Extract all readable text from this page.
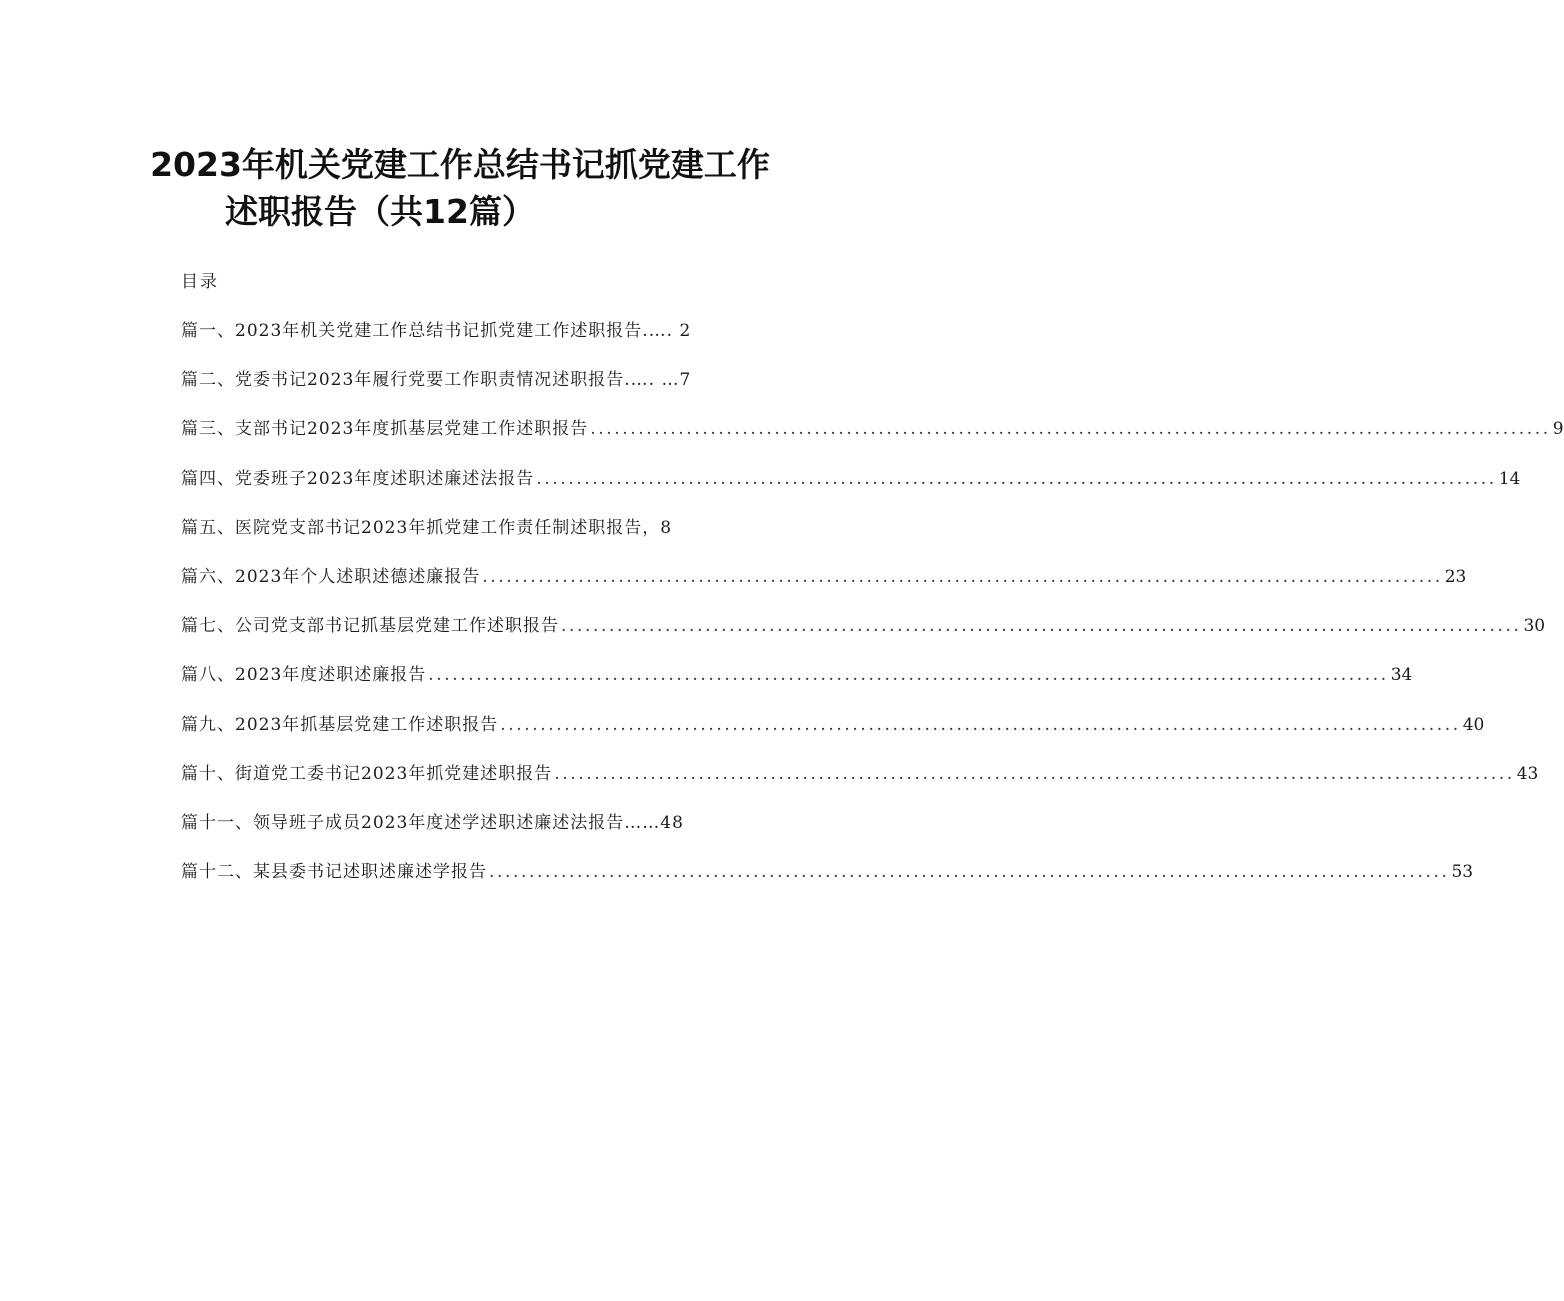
2023年机关党建工作总结书记抓党建工作
述职报告（共12篇）
目录
篇一、2023年机关党建工作总结书记抓党建工作述职报告.…. 2
篇二、党委书记2023年履行党要工作职责情况述职报告.…. …7
篇三、支部书记2023年度抓基层党建工作述职报告 ........................................................................................................................ 9
篇四、党委班子2023年度述职述廉述法报告 ........................................................................................................................ 14
篇五、医院党支部书记2023年抓党建工作责任制述职报告，8
篇六、2023年个人述职述德述廉报告 ........................................................................................................................ 23
篇七、公司党支部书记抓基层党建工作述职报告 ........................................................................................................................ 30
篇八、2023年度述职述廉报告 ........................................................................................................................ 34
篇九、2023年抓基层党建工作述职报告 ........................................................................................................................ 40
篇十、街道党工委书记2023年抓党建述职报告 ........................................................................................................................ 43
篇十一、领导班子成员2023年度述学述职述廉述法报告……48
篇十二、某县委书记述职述廉述学报告 ........................................................................................................................ 53
